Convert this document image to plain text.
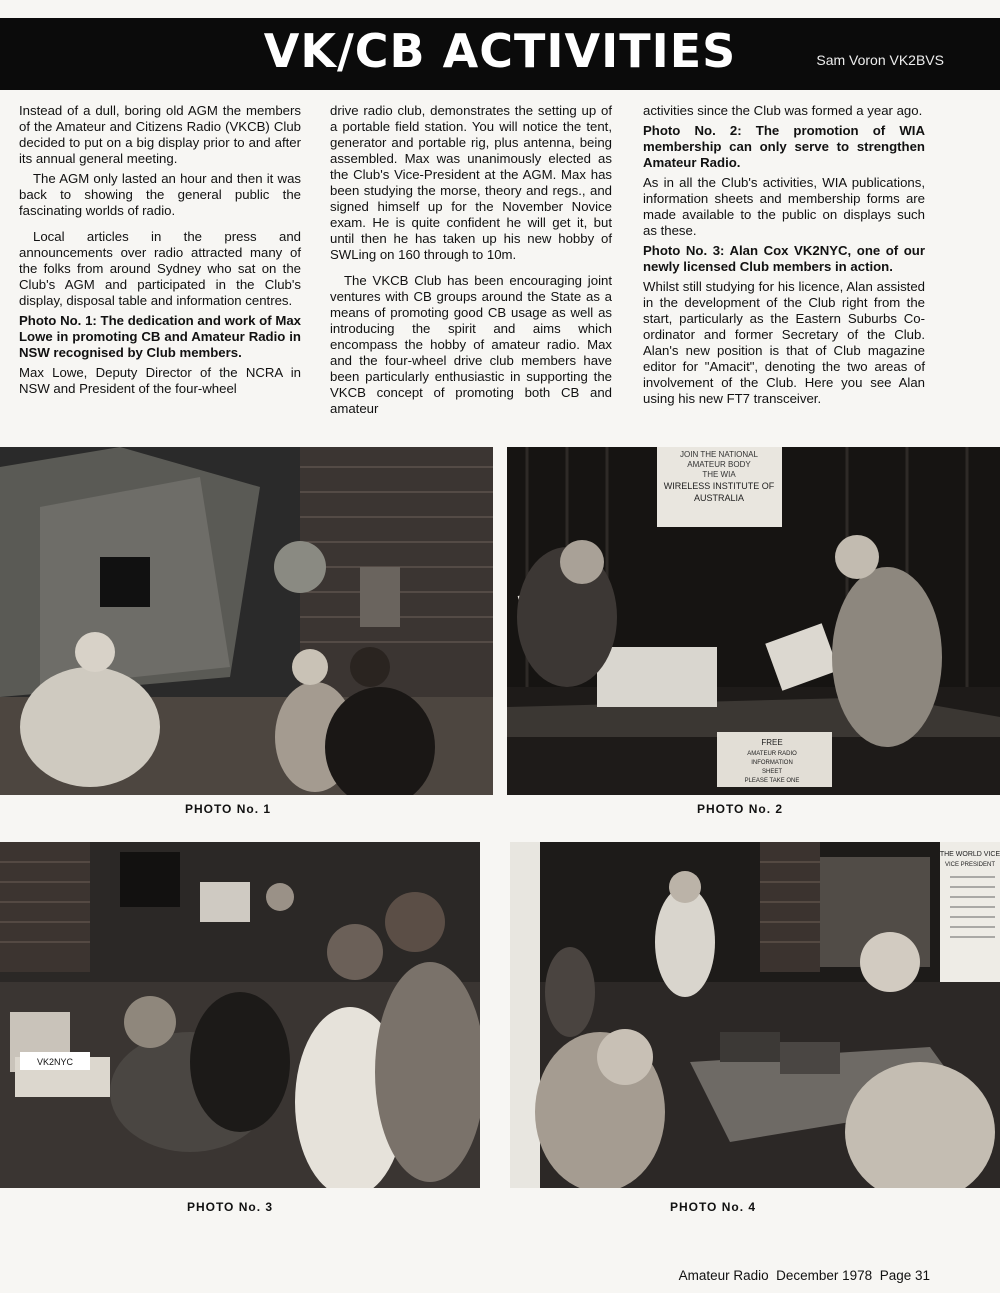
VK/CB ACTIVITIES	Sam Voron VK2BVS

Instead of a dull, boring old AGM the members of the Amateur and Citizens Radio (VKCB) Club decided to put on a big display prior to and after its annual general meeting.

The AGM only lasted an hour and then it was back to showing the general public the fascinating worlds of radio.

Local articles in the press and announcements over radio attracted many of the folks from around Sydney who sat on the Club's AGM and participated in the Club's display, disposal table and information centres.

Photo No. 1: The dedication and work of Max Lowe in promoting CB and Amateur Radio in NSW recognised by Club members.

Max Lowe, Deputy Director of the NCRA in NSW and President of the four-wheel

drive radio club, demonstrates the setting up of a portable field station. You will notice the tent, generator and portable rig, plus antenna, being assembled. Max was unanimously elected as the Club's Vice-President at the AGM. Max has been studying the morse, theory and regs., and signed himself up for the November Novice exam. He is quite confident he will get it, but until then he has taken up his new hobby of SWLing on 160 through to 10m.

The VKCB Club has been encouraging joint ventures with CB groups around the State as a means of promoting good CB usage as well as introducing the spirit and aims which encompass the hobby of amateur radio. Max and the four-wheel drive club members have been particularly enthusiastic in supporting the VKCB concept of promoting both CB and amateur

activities since the Club was formed a year ago.

Photo No. 2: The promotion of WIA membership can only serve to strengthen Amateur Radio.

As in all the Club's activities, WIA publications, information sheets and membership forms are made available to the public on displays such as these.

Photo No. 3: Alan Cox VK2NYC, one of our newly licensed Club members in action.

Whilst still studying for his licence, Alan assisted in the development of the Club right from the start, particularly as the Eastern Suburbs Co-ordinator and former Secretary of the Club. Alan's new position is that of Club magazine editor for "Amacit", denoting the two areas of involvement of the Club. Here you see Alan using his new FT7 transceiver.

PHOTO No. 1
JOIN THE NATIONAL
AMATEUR BODY
THE WIA
WIRELESS INSTITUTE OF
AUSTRALIA
FREE
AMATEUR RADIO
INFORMATION
SHEET
PLEASE TAKE ONE
PHOTO No. 2
VK2NYC
PHOTO No. 3
THE WORLD VICE
VICE PRESIDENT
PHOTO No. 4
Amateur Radio  December 1978  Page 31
